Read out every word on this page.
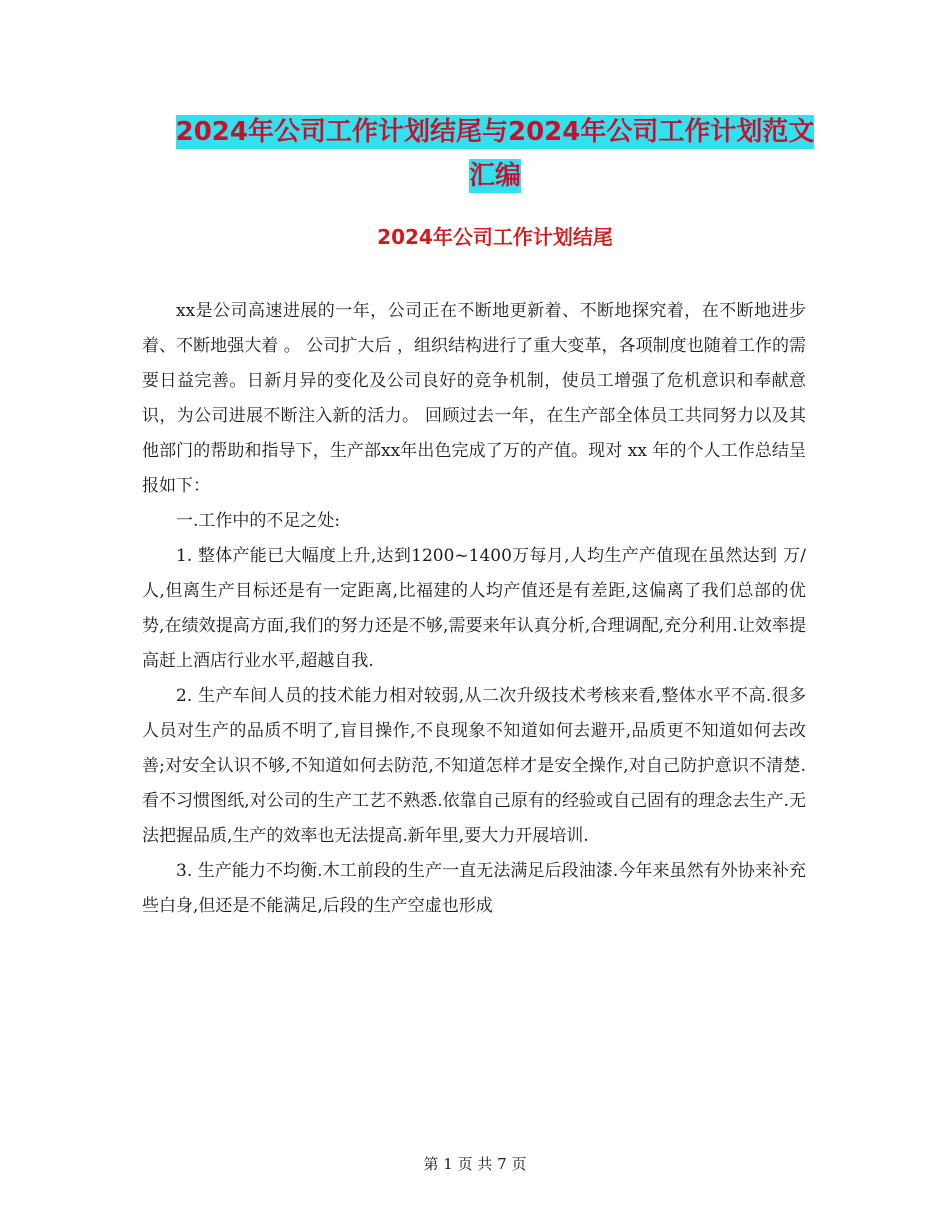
2024年公司工作计划结尾与2024年公司工作计划范文
汇编
2024年公司工作计划结尾

xx是公司高速进展的一年，公司正在不断地更新着、不断地探究着，在不断地进步着、不断地强大着 。 公司扩大后 ，组织结构进行了重大变革，各项制度也随着工作的需要日益完善。日新月异的变化及公司良好的竞争机制，使员工增强了危机意识和奉献意识，为公司进展不断注入新的活力。 回顾过去一年，在生产部全体员工共同努力以及其他部门的帮助和指导下，生产部xx年出色完成了万的产值。现对 xx 年的个人工作总结呈报如下：

一.工作中的不足之处:

1. 整体产能已大幅度上升,达到1200~1400万每月,人均生产产值现在虽然达到 万/人,但离生产目标还是有一定距离,比福建的人均产值还是有差距,这偏离了我们总部的优势,在绩效提高方面,我们的努力还是不够,需要来年认真分析,合理调配,充分利用.让效率提高赶上酒店行业水平,超越自我.

2. 生产车间人员的技术能力相对较弱,从二次升级技术考核来看,整体水平不高.很多人员对生产的品质不明了,盲目操作,不良现象不知道如何去避开,品质更不知道如何去改善;对安全认识不够,不知道如何去防范,不知道怎样才是安全操作,对自己防护意识不清楚.看不习惯图纸,对公司的生产工艺不熟悉.依靠自己原有的经验或自己固有的理念去生产.无法把握品质,生产的效率也无法提高.新年里,要大力开展培训.

3. 生产能力不均衡.木工前段的生产一直无法满足后段油漆.今年来虽然有外协来补充些白身,但还是不能满足,后段的生产空虚也形成

第 1 页 共 7 页
